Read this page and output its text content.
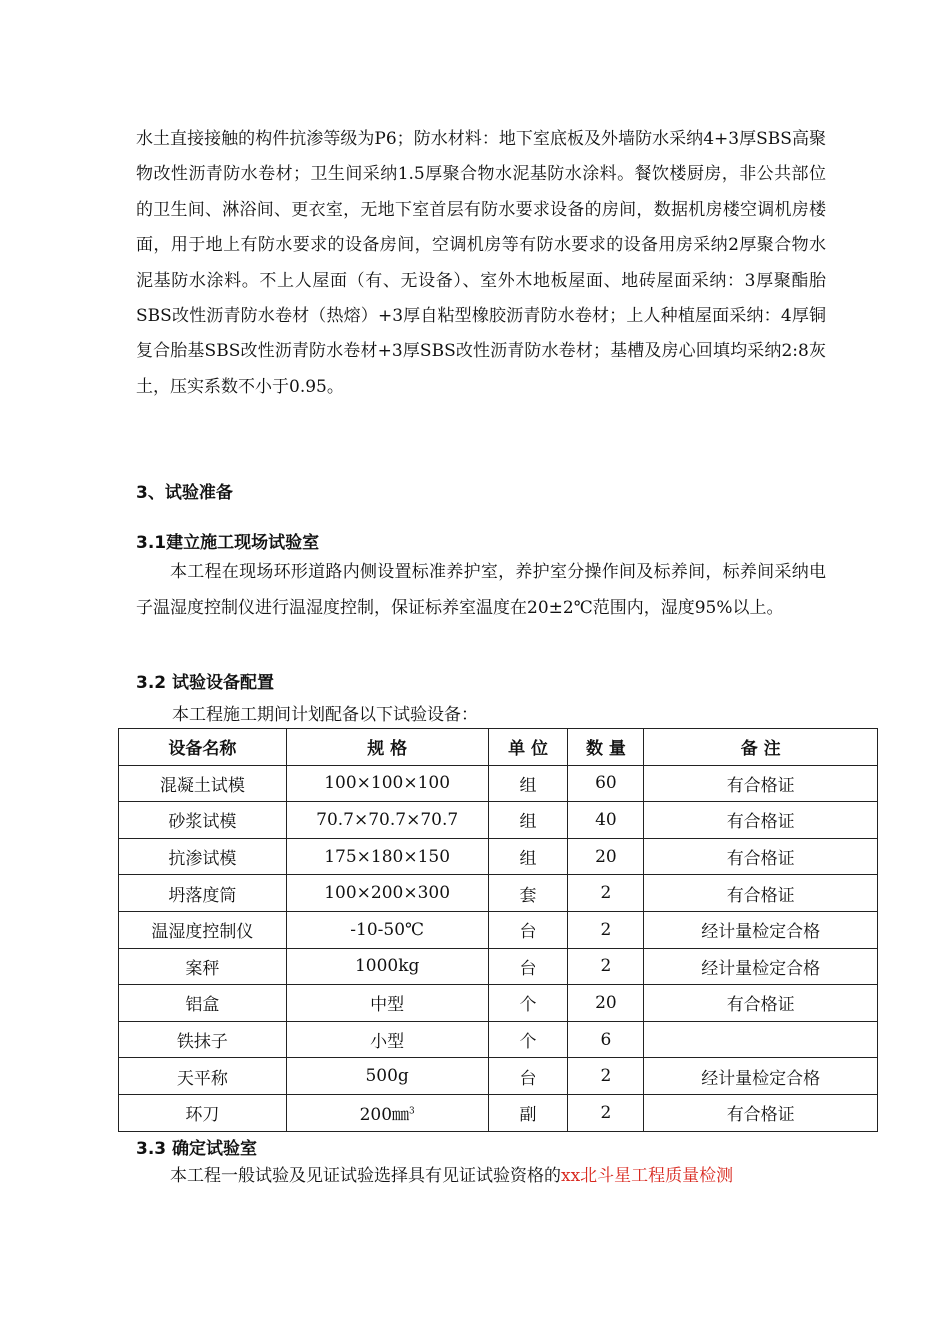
水土直接接触的构件抗渗等级为P6；防水材料：地下室底板及外墙防水采纳4+3厚SBS高聚物改性沥青防水卷材；卫生间采纳1.5厚聚合物水泥基防水涂料。餐饮楼厨房，非公共部位的卫生间、淋浴间、更衣室，无地下室首层有防水要求设备的房间，数据机房楼空调机房楼面，用于地上有防水要求的设备房间，空调机房等有防水要求的设备用房采纳2厚聚合物水泥基防水涂料。不上人屋面（有、无设备）、室外木地板屋面、地砖屋面采纳：3厚聚酯胎SBS改性沥青防水卷材（热熔）+3厚自粘型橡胶沥青防水卷材；上人种植屋面采纳：4厚铜复合胎基SBS改性沥青防水卷材+3厚SBS改性沥青防水卷材；基槽及房心回填均采纳2:8灰土，压实系数不小于0.95。

3、试验准备
3.1建立施工现场试验室

本工程在现场环形道路内侧设置标准养护室，养护室分操作间及标养间，标养间采纳电子温湿度控制仪进行温湿度控制，保证标养室温度在20±2℃范围内，湿度95%以上。

3.2 试验设备配置

本工程施工期间计划配备以下试验设备：

设备名称	规 格	单 位	数 量	备 注
混凝土试模	100×100×100	组	60	有合格证
砂浆试模	70.7×70.7×70.7	组	40	有合格证
抗渗试模	175×180×150	组	20	有合格证
坍落度筒	100×200×300	套	2	有合格证
温湿度控制仪	-10-50℃	台	2	经计量检定合格
案秤	1000kg	台	2	经计量检定合格
铝盒	中型	个	20	有合格证
铁抹子	小型	个	6	
天平称	500g	台	2	经计量检定合格
环刀	200㎜$^3$	副	2	有合格证
3.3 确定试验室

本工程一般试验及见证试验选择具有见证试验资格的xx北斗星工程质量检测
